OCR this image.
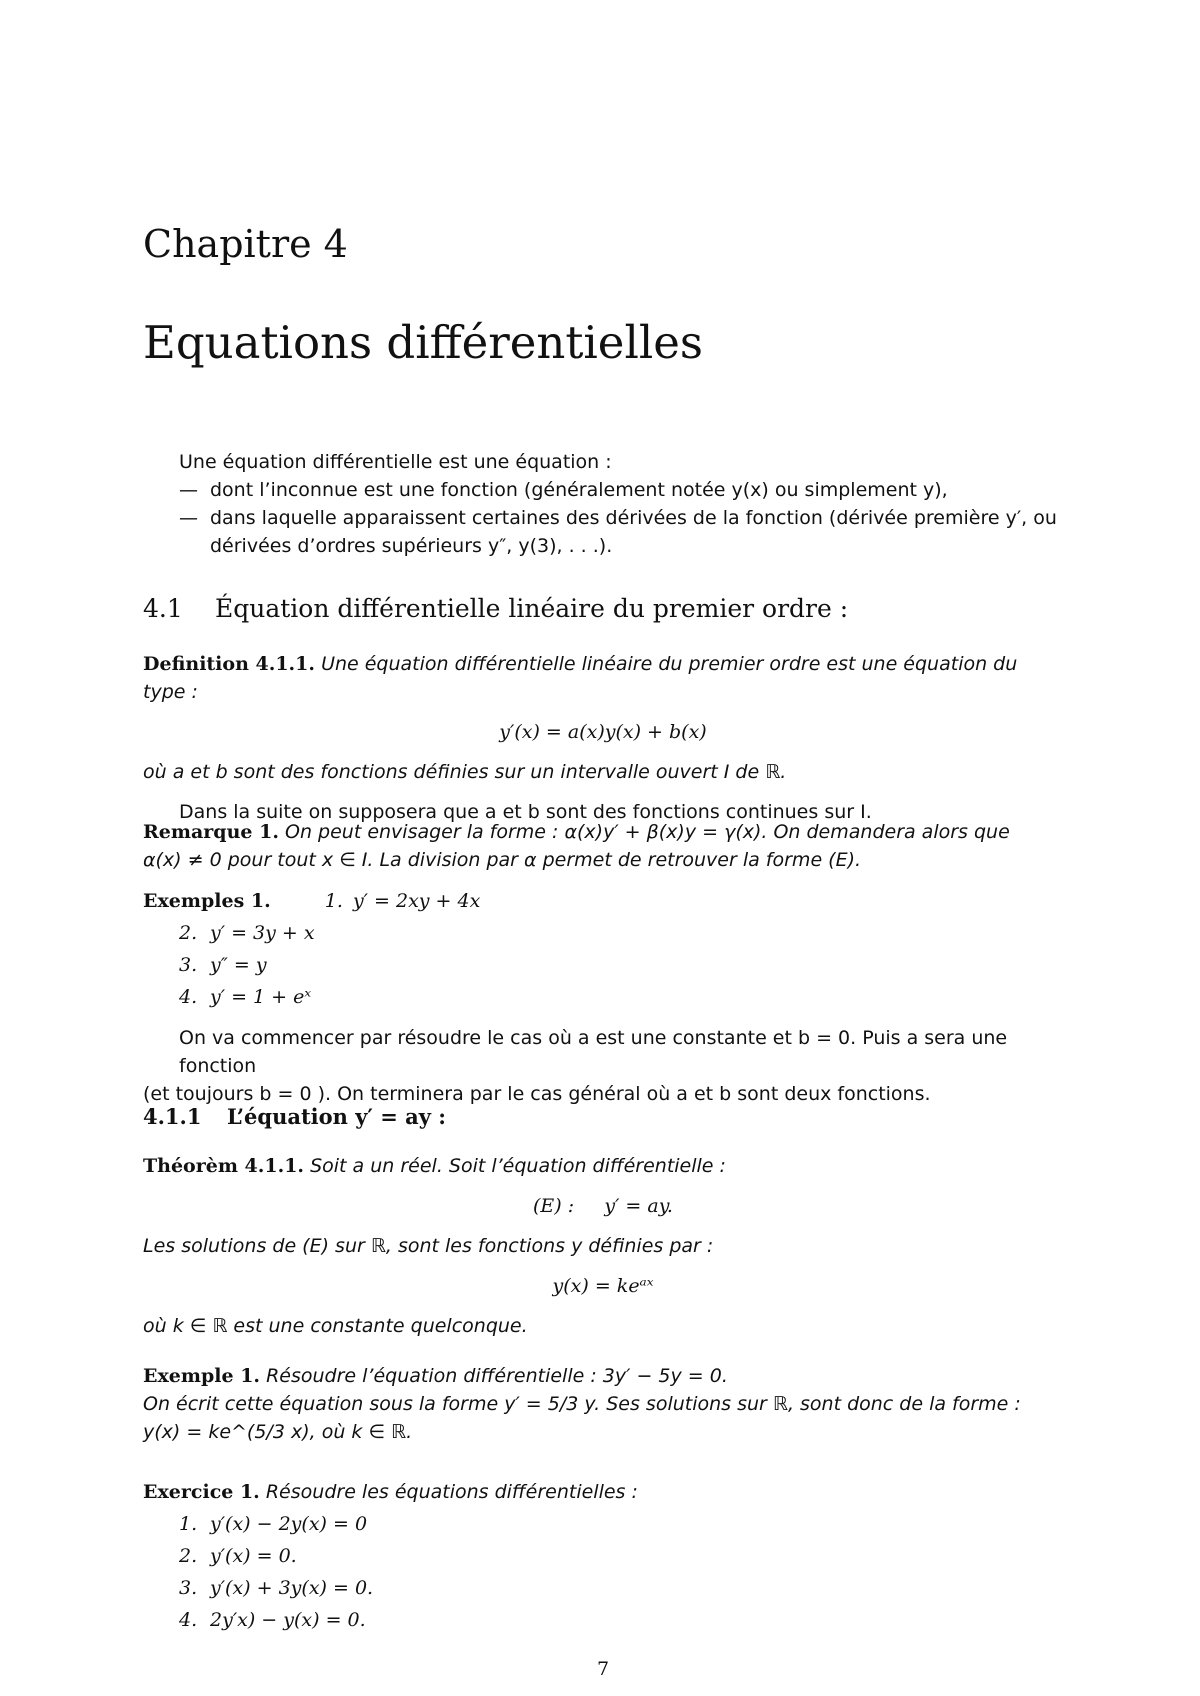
Chapitre 4
Equations différentielles
Une équation différentielle est une équation :
— dont l’inconnue est une fonction (généralement notée y(x) ou simplement y),
— dans laquelle apparaissent certaines des dérivées de la fonction (dérivée première y′, ou
dérivées d’ordres supérieurs y″, y(3), . . .).
4.1 Équation différentielle linéaire du premier ordre :
Definition 4.1.1. Une équation différentielle linéaire du premier ordre est une équation du type :
y′(x) = a(x)y(x) + b(x)
où a et b sont des fonctions définies sur un intervalle ouvert I de ℝ.
Dans la suite on supposera que a et b sont des fonctions continues sur I.
Remarque 1. On peut envisager la forme : α(x)y′ + β(x)y = γ(x). On demandera alors que
α(x) ≠ 0 pour tout x ∈ I. La division par α permet de retrouver la forme (E).
Exemples 1.	1. y′ = 2xy + 4x
2. y′ = 3y + x
3. y″ = y
4. y′ = 1 + eˣ
On va commencer par résoudre le cas où a est une constante et b = 0. Puis a sera une fonction
(et toujours b = 0 ). On terminera par le cas général où a et b sont deux fonctions.
4.1.1 L’équation y′ = ay :
Théorèm 4.1.1. Soit a un réel. Soit l’équation différentielle :
(E) :     y′ = ay.
Les solutions de (E) sur ℝ, sont les fonctions y définies par :
y(x) = keᵃˣ
où k ∈ ℝ est une constante quelconque.
Exemple 1. Résoudre l’équation différentielle : 3y′ − 5y = 0.
On écrit cette équation sous la forme y′ = 5/3 y. Ses solutions sur ℝ, sont donc de la forme :
y(x) = ke^(5/3 x), où k ∈ ℝ.
Exercice 1. Résoudre les équations différentielles :
1. y′(x) − 2y(x) = 0
2. y′(x) = 0.
3. y′(x) + 3y(x) = 0.
4. 2y′x) − y(x) = 0.
7
